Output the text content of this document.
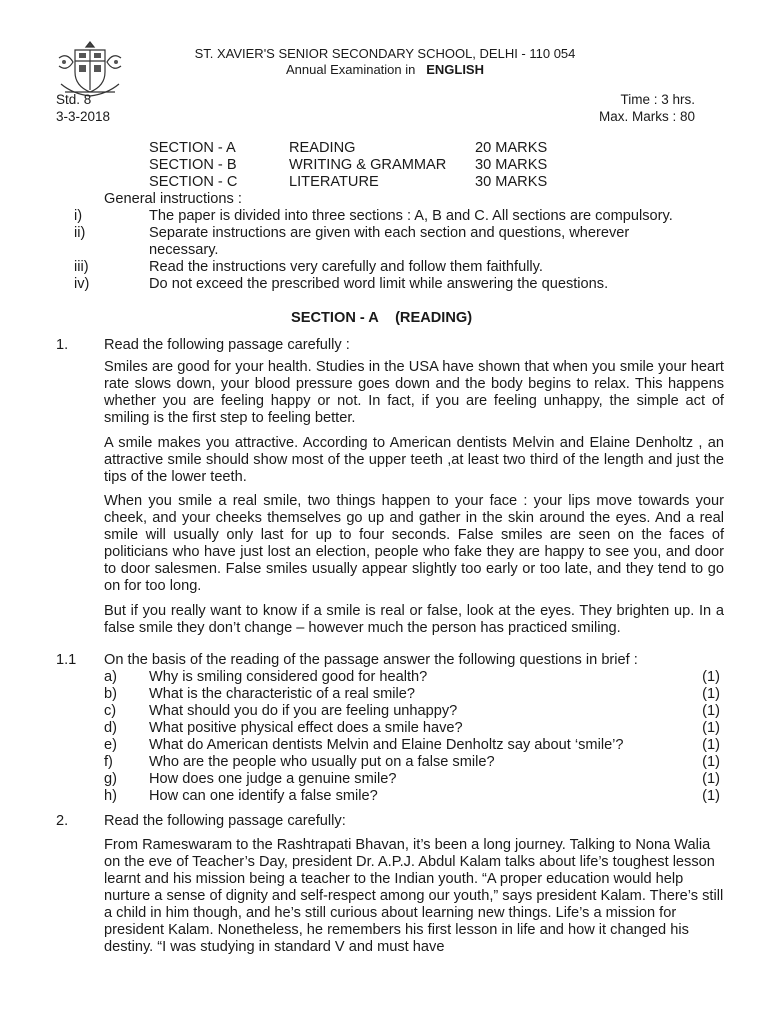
ST. XAVIER'S SENIOR SECONDARY SCHOOL, DELHI - 110 054
Annual Examination in ENGLISH
Std. 8
3-3-2018
Time : 3 hrs.
Max. Marks : 80
SECTION - A	READING	20 MARKS
SECTION - B	WRITING & GRAMMAR 30 MARKS
SECTION - C	LITERATURE	30 MARKS
General instructions :
i)	The paper is divided into three sections : A, B and C. All sections are compulsory.
ii)	Separate instructions are given with each section and questions, wherever
necessary.
iii)	Read the instructions very carefully and follow them faithfully.
iv)	Do not exceed the prescribed word limit while answering the questions.
SECTION - A (READING)
1. Read the following passage carefully :
Smiles are good for your health. Studies in the USA have shown that when you smile your heart rate slows down, your blood pressure goes down and the body begins to relax. This happens whether you are feeling happy or not. In fact, if you are feeling unhappy, the simple act of smiling is the first step to feeling better.
A smile makes you attractive. According to American dentists Melvin and Elaine Denholtz , an attractive smile should show most of the upper teeth ,at least two third of the length and just the tips of the lower teeth.
When you smile a real smile, two things happen to your face : your lips move towards your cheek, and your cheeks themselves go up and gather in the skin around the eyes. And a real smile will usually only last for up to four seconds. False smiles are seen on the faces of politicians who have just lost an election, people who fake they are happy to see you, and door to door salesmen. False smiles usually appear slightly too early or too late, and they tend to go on for too long.
But if you really want to know if a smile is real or false, look at the eyes. They brighten up. In a false smile they don’t change – however much the person has practiced smiling.
1.1 On the basis of the reading of the passage answer the following questions in brief :
a) Why is smiling considered good for health?	(1)
b) What is the characteristic of a real smile?	(1)
c) What should you do if you are feeling unhappy?	(1)
d) What positive physical effect does a smile have?	(1)
e) What do American dentists Melvin and Elaine Denholtz say about ‘smile’?	(1)
f) Who are the people who usually put on a false smile?	(1)
g) How does one judge a genuine smile?	(1)
h) How can one identify a false smile?	(1)
2. Read the following passage carefully:
From Rameswaram to the Rashtrapati Bhavan, it’s been a long journey. Talking to Nona Walia on the eve of Teacher’s Day, president Dr. A.P.J. Abdul Kalam talks about life’s toughest lesson learnt and his mission being a teacher to the Indian youth. “A proper education would help nurture a sense of dignity and self-respect among our youth,” says president Kalam. There’s still a child in him though, and he’s still curious about learning new things. Life’s a mission for president Kalam. Nonetheless, he remembers his first lesson in life and how it changed his destiny. “I was studying in standard V and must have
